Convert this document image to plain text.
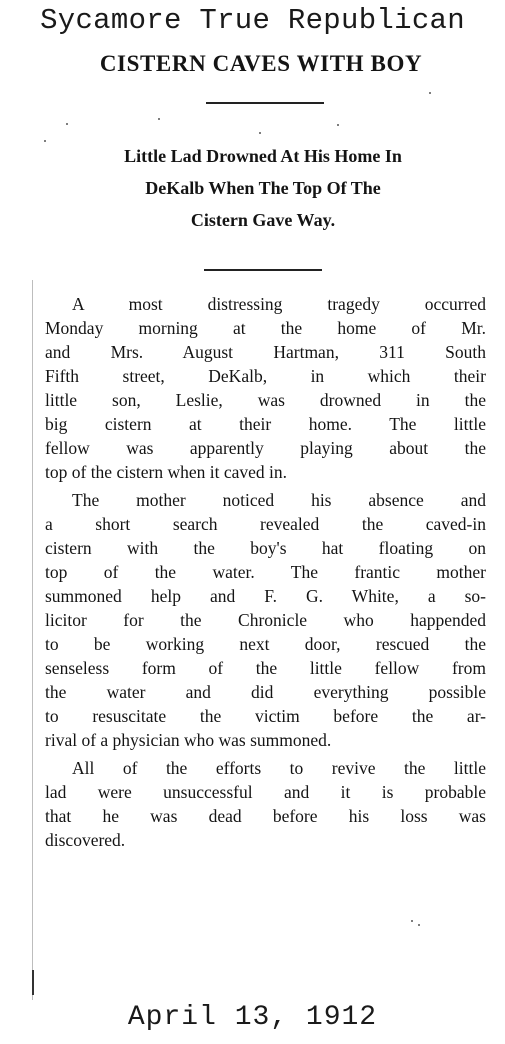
Sycamore True Republican
CISTERN CAVES WITH BOY
Little Lad Drowned At His Home In
DeKalb When The Top Of The
Cistern Gave Way.
A most distressing tragedy occurred
Monday morning at the home of Mr.
and Mrs. August Hartman, 311 South
Fifth street, DeKalb, in which their
little son, Leslie, was drowned in the
big cistern at their home. The little
fellow was apparently playing about the
top of the cistern when it caved in.
The mother noticed his absence and
a short search revealed the caved-in
cistern with the boy's hat floating on
top of the water. The frantic mother
summoned help and F. G. White, a so-
licitor for the Chronicle who happended
to be working next door, rescued the
senseless form of the little fellow from
the water and did everything possible
to resuscitate the victim before the ar-
rival of a physician who was summoned.
All of the efforts to revive the little
lad were unsuccessful and it is probable
that he was dead before his loss was
discovered.
April 13, 1912
